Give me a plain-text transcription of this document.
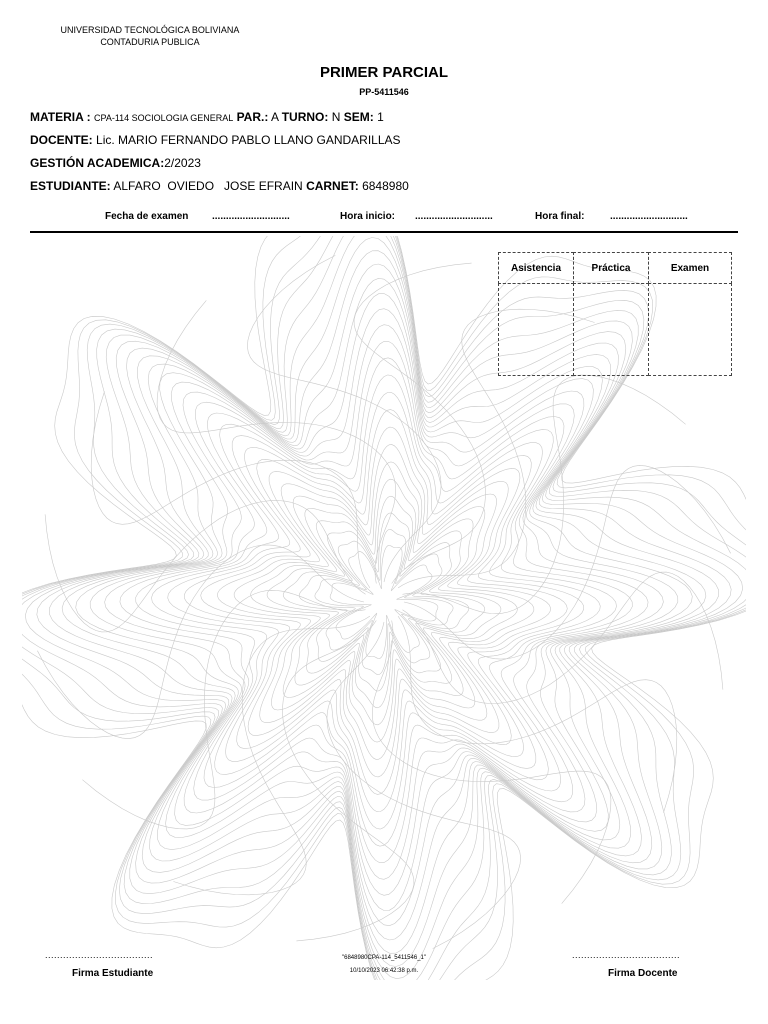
UNIVERSIDAD TECNOLÓGICA BOLIVIANA
CONTADURIA PUBLICA
PRIMER PARCIAL
PP-5411546
MATERIA : CPA-114 SOCIOLOGIA GENERAL PAR.: A TURNO: N SEM: 1
DOCENTE: Lic. MARIO FERNANDO PABLO LLANO GANDARILLAS
GESTIÓN ACADEMICA:2/2023
ESTUDIANTE: ALFARO  OVIEDO   JOSE EFRAIN CARNET: 6848980
Fecha de examen ............................	Hora inicio: ............................	Hora final:	............................
Asistencia	Práctica	Examen
....................................
Firma Estudiante
"6848980CPA-114_5411546_1"
10/10/2023 06:42:38 p.m.
....................................
Firma Docente
